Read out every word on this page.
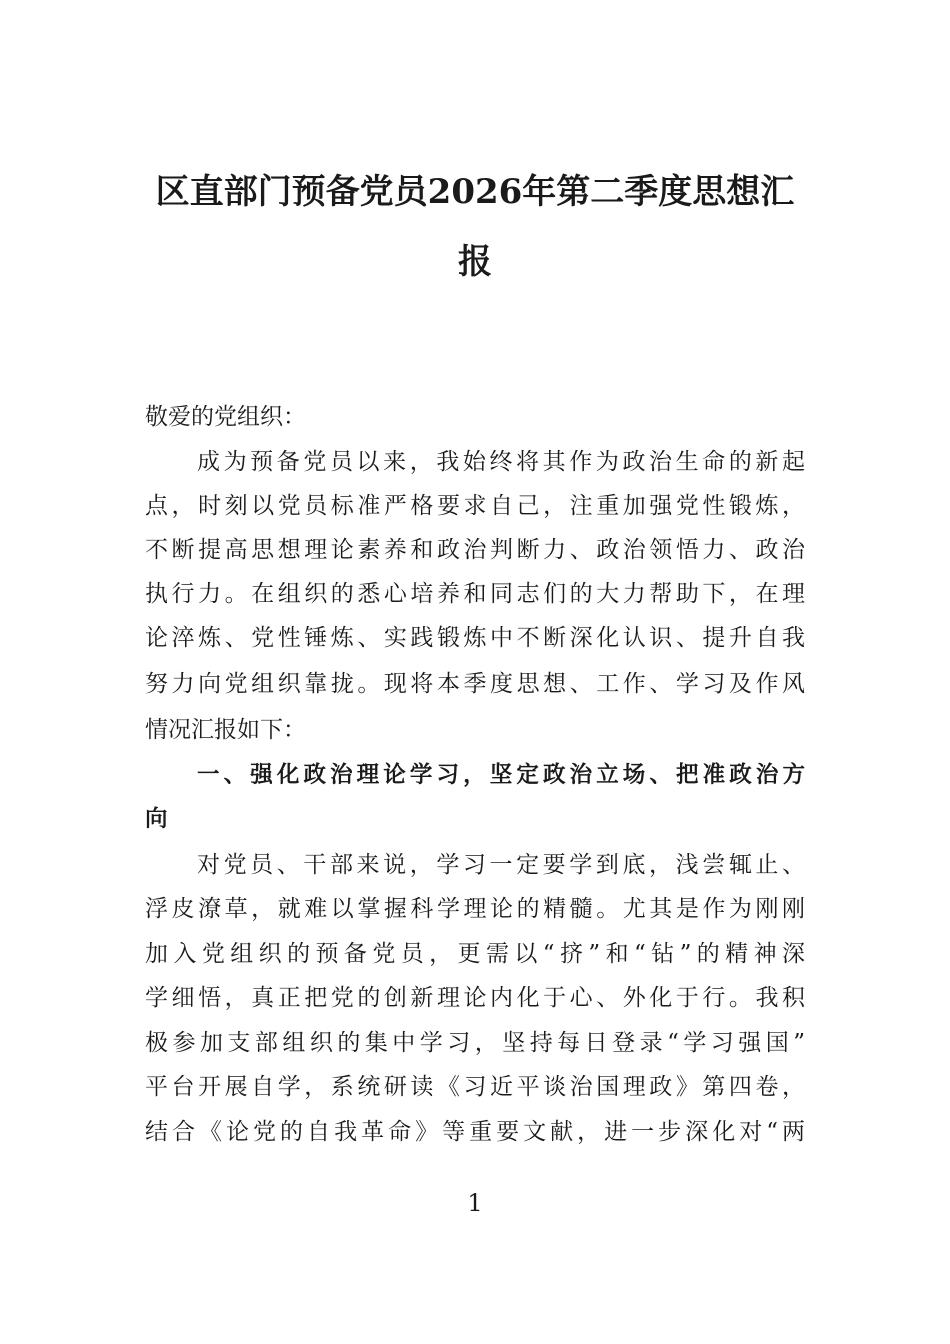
区直部门预备党员2026年第二季度思想汇
报

敬爱的党组织：

成为预备党员以来，我始终将其作为政治生命的新起

点，时刻以党员标准严格要求自己，注重加强党性锻炼，

不断提高思想理论素养和政治判断力、政治领悟力、政治

执行力。在组织的悉心培养和同志们的大力帮助下，在理

论淬炼、党性锤炼、实践锻炼中不断深化认识、提升自我

努力向党组织靠拢。现将本季度思想、工作、学习及作风

情况汇报如下：

一、强化政治理论学习，坚定政治立场、把准政治方

向

对党员、干部来说，学习一定要学到底，浅尝辄止、

浮皮潦草，就难以掌握科学理论的精髓。尤其是作为刚刚

加入党组织的预备党员，更需以“挤”和“钻”的精神深

学细悟，真正把党的创新理论内化于心、外化于行。我积

极参加支部组织的集中学习，坚持每日登录“学习强国”

平台开展自学，系统研读《习近平谈治国理政》第四卷，

结合《论党的自我革命》等重要文献，进一步深化对“两

1
